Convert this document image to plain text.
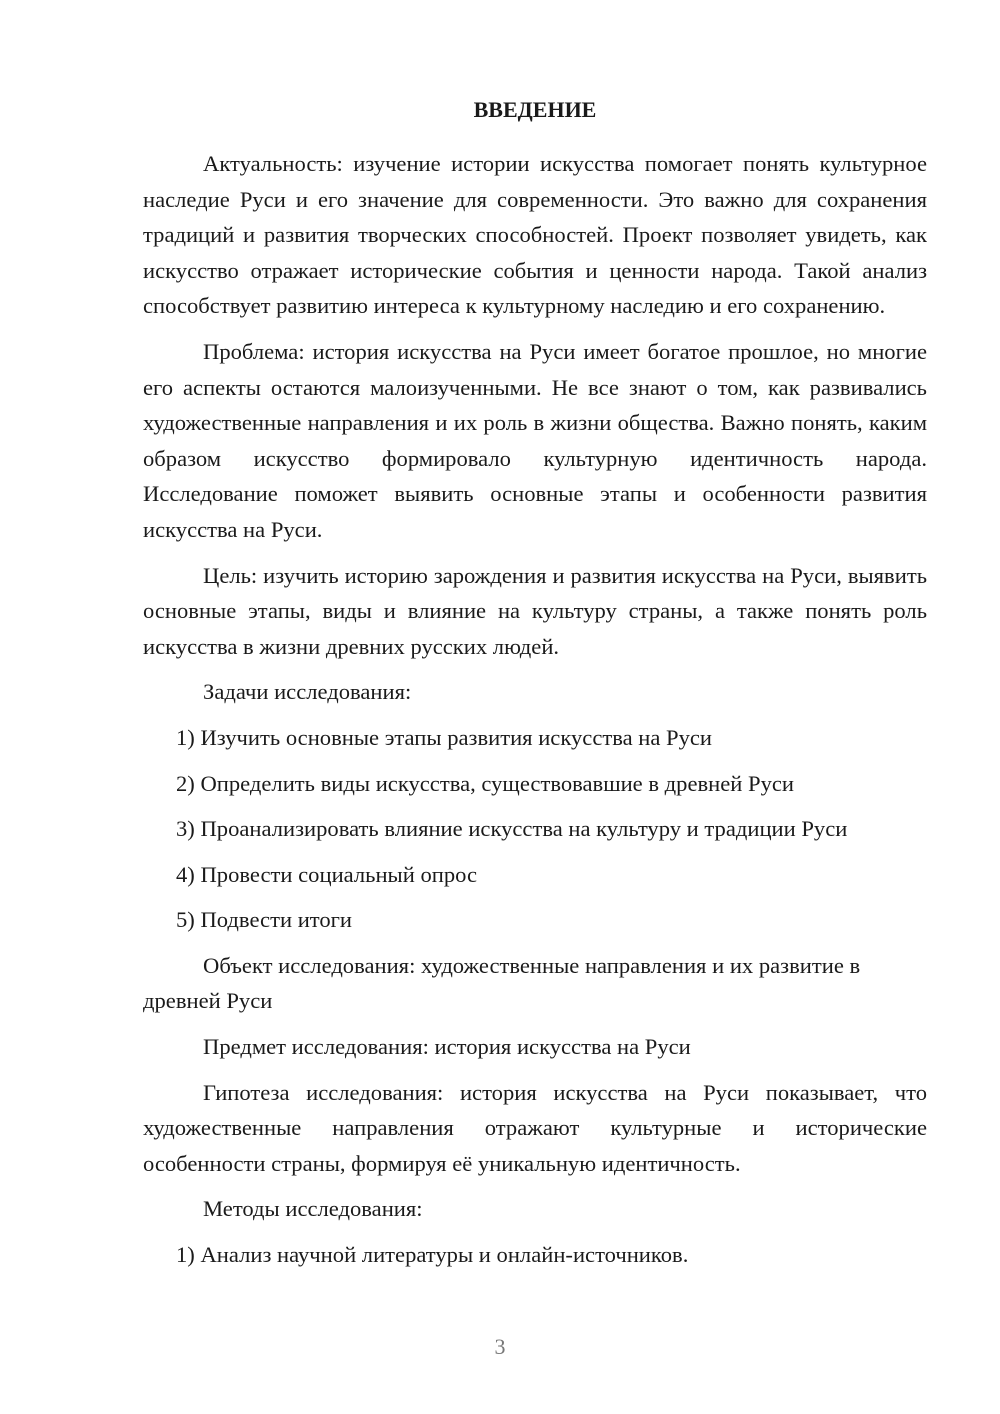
ВВЕДЕНИЕ

Актуальность: изучение истории искусства помогает понять культурное наследие Руси и его значение для современности. Это важно для сохранения традиций и развития творческих способностей. Проект позволяет увидеть, как искусство отражает исторические события и ценности народа. Такой анализ способствует развитию интереса к культурному наследию и его сохранению.

Проблема: история искусства на Руси имеет богатое прошлое, но многие его аспекты остаются малоизученными. Не все знают о том, как развивались художественные направления и их роль в жизни общества. Важно понять, каким образом искусство формировало культурную идентичность народа. Исследование поможет выявить основные этапы и особенности развития искусства на Руси.

Цель: изучить историю зарождения и развития искусства на Руси, выявить основные этапы, виды и влияние на культуру страны, а также понять роль искусства в жизни древних русских людей.

Задачи исследования:

1) Изучить основные этапы развития искусства на Руси
2) Определить виды искусства, существовавшие в древней Руси
3) Проанализировать влияние искусства на культуру и традиции Руси
4) Провести социальный опрос
5) Подвести итоги

Объект исследования: художественные направления и их развитие в древней Руси

Предмет исследования: история искусства на Руси

Гипотеза исследования: история искусства на Руси показывает, что художественные направления отражают культурные и исторические особенности страны, формируя её уникальную идентичность.

Методы исследования:

1) Анализ научной литературы и онлайн-источников.
3
